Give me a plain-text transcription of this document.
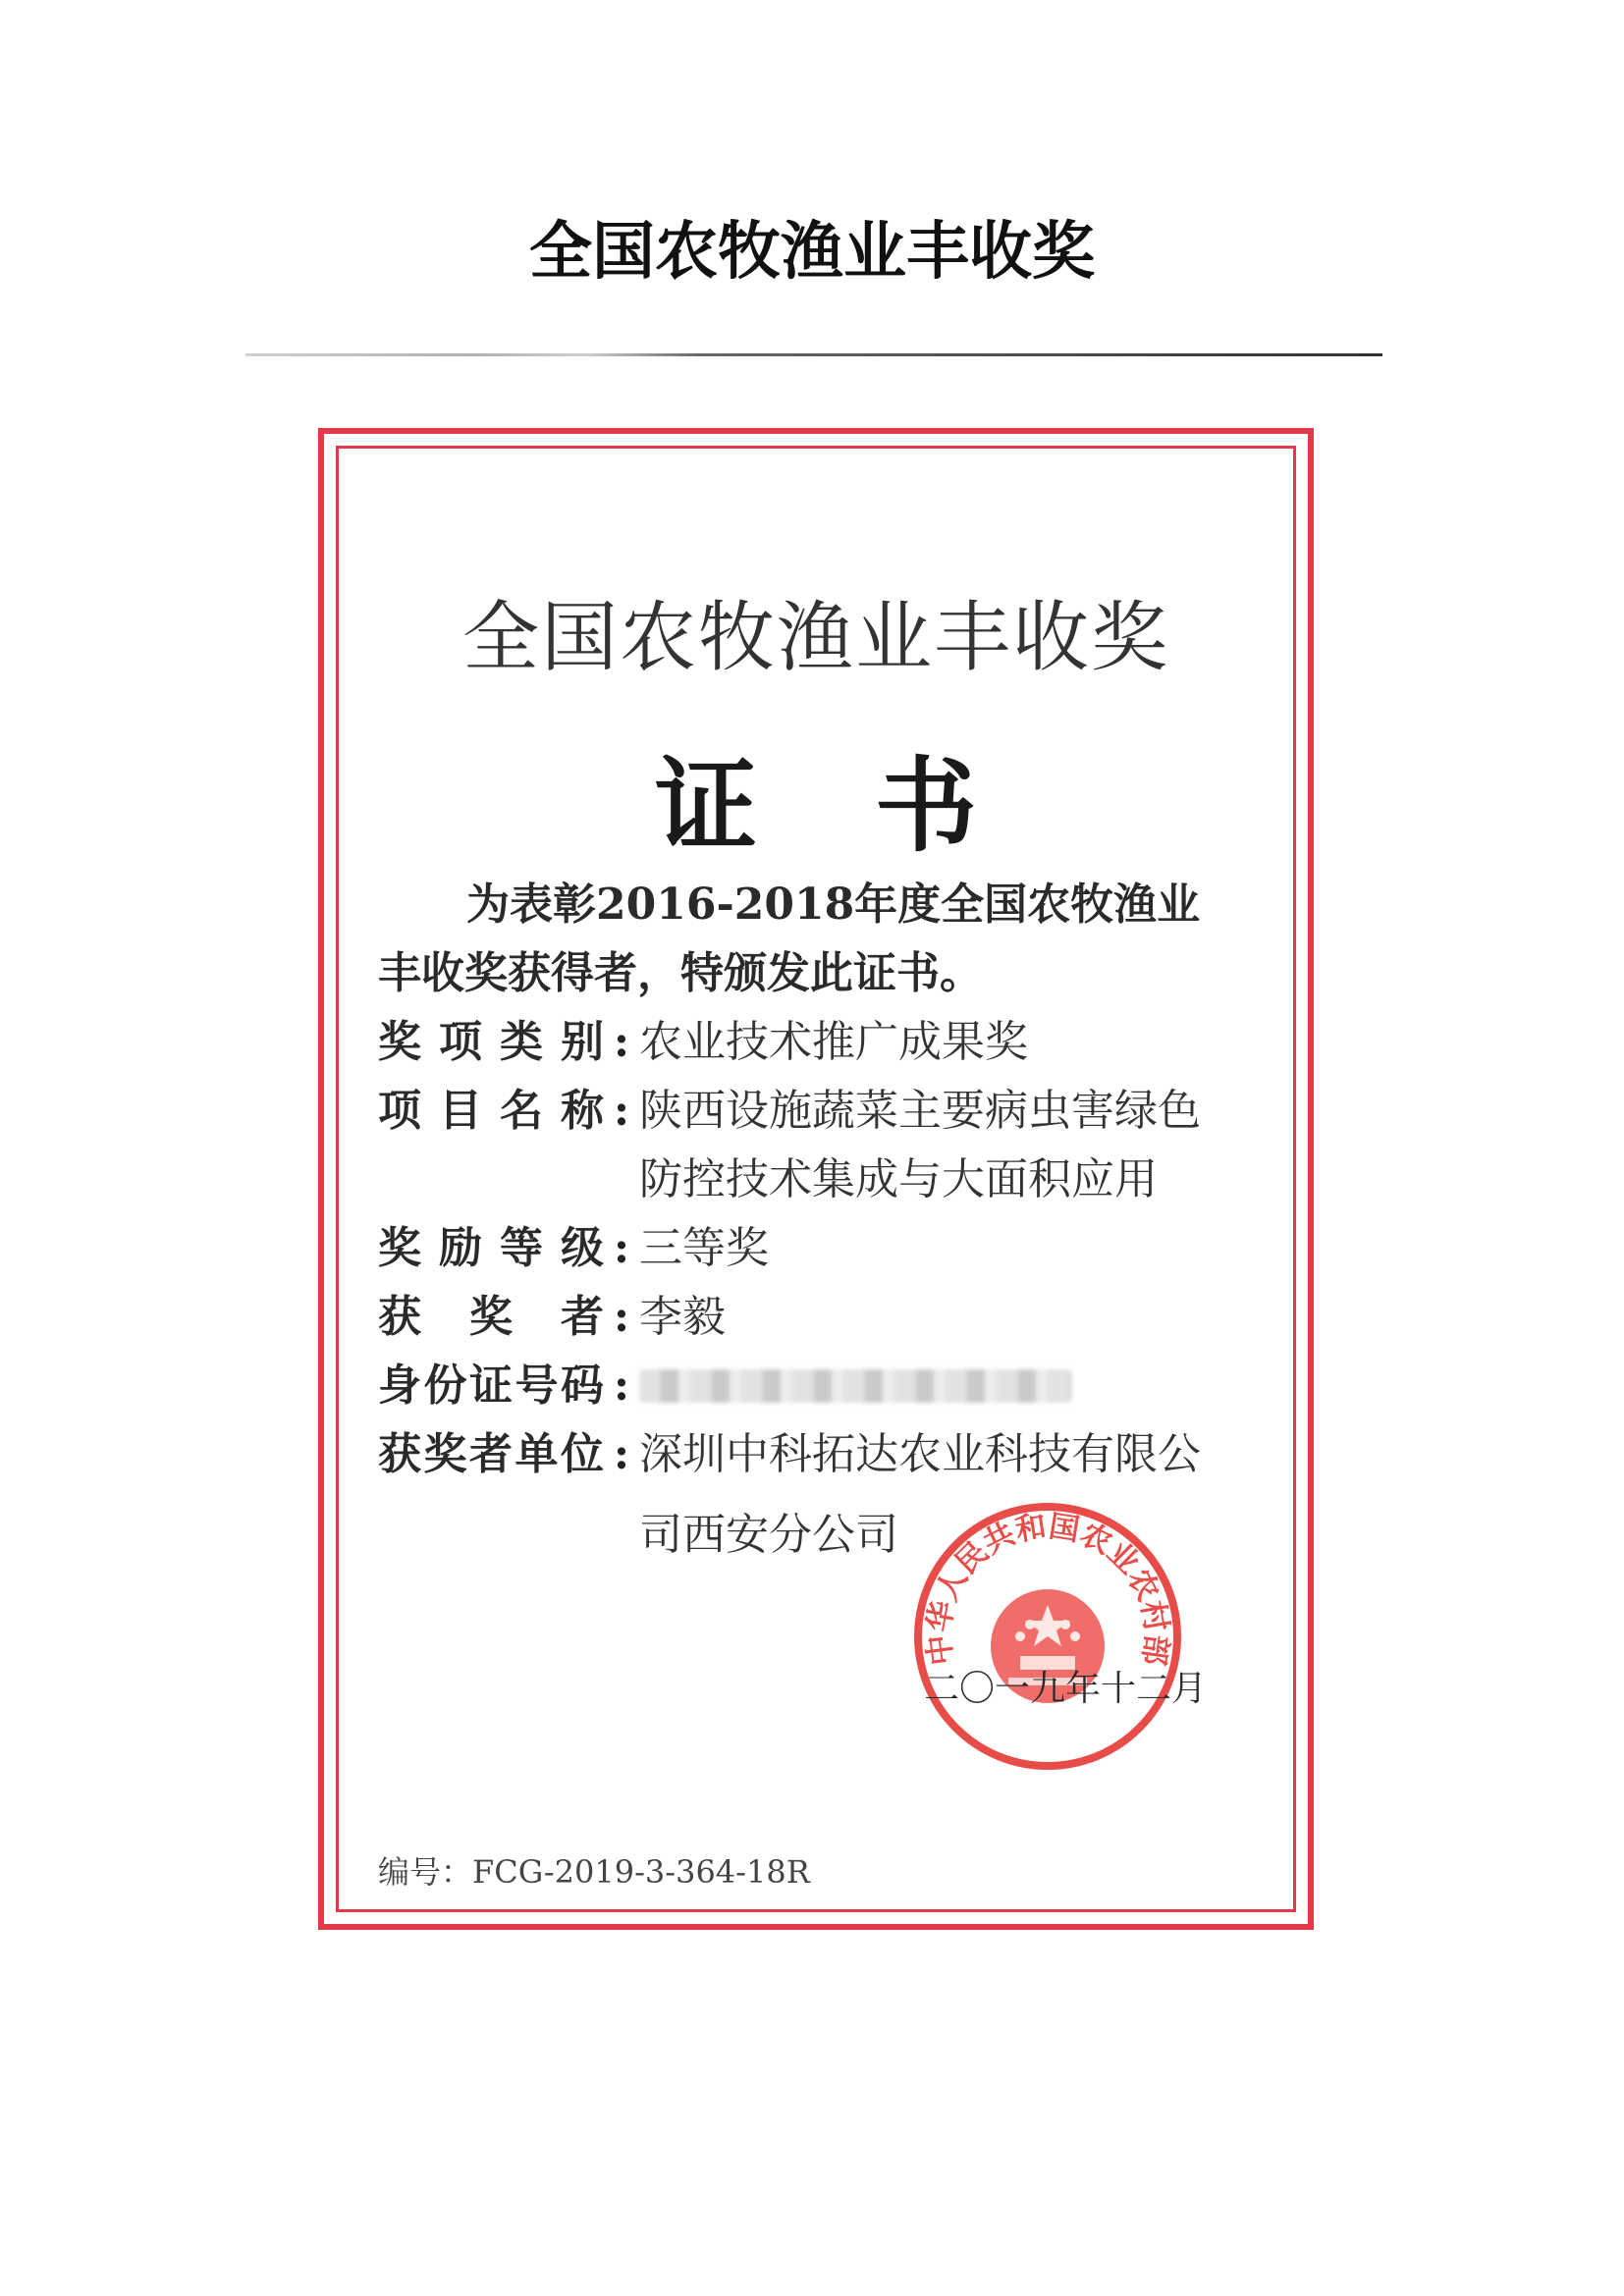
全国农牧渔业丰收奖
全国农牧渔业丰收奖
证书
为表彰2016-2018年度全国农牧渔业
丰收奖获得者，特颁发此证书。
奖项类别 : 农业技术推广成果奖
项目名称 : 陕西设施蔬菜主要病虫害绿色
防控技术集成与大面积应用
奖励等级 : 三等奖
获奖者 : 李毅
身份证号码 :
获奖者单位 : 深圳中科拓达农业科技有限公
司西安分公司
中华人民共和国农业农村部
二〇一九年十二月
编号：FCG-2019-3-364-18R
